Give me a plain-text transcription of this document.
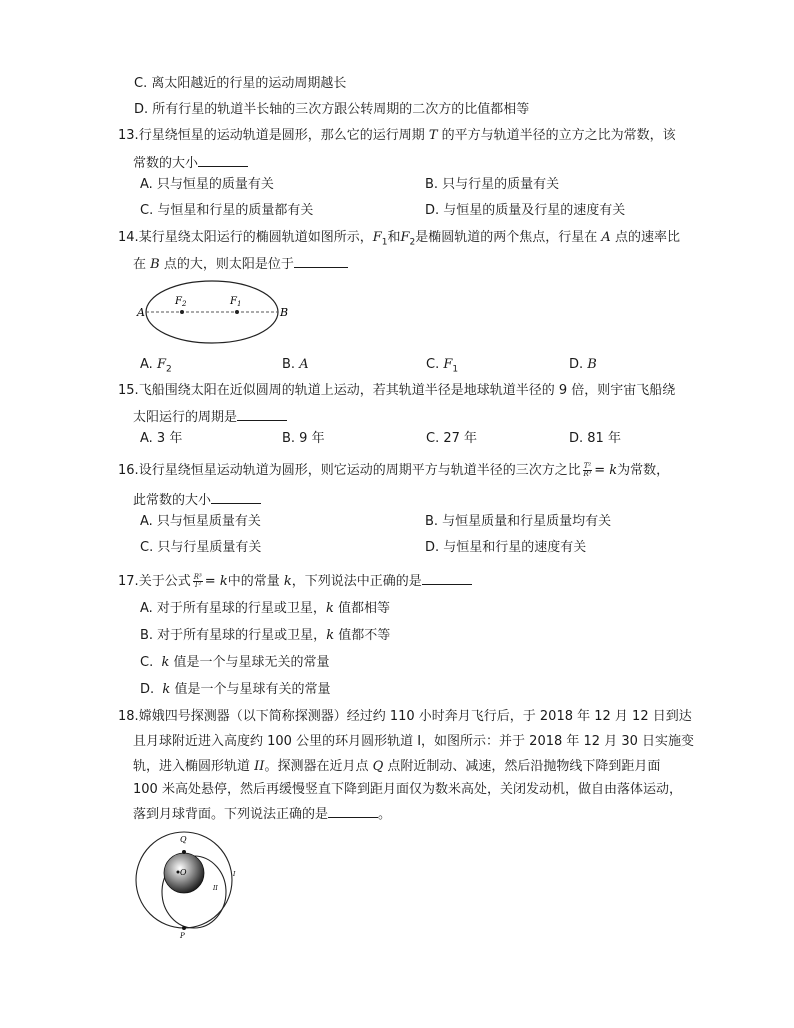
C. 离太阳越近的行星的运动周期越长
D. 所有行星的轨道半长轴的三次方跟公转周期的二次方的比值都相等
13.行星绕恒星的运动轨道是圆形，那么它的运行周期 T 的平方与轨道半径的立方之比为常数，该
常数的大小
A. 只与恒星的质量有关	B. 只与行星的质量有关
C. 与恒星和行星的质量都有关	D. 与恒星的质量及行星的速度有关
14.某行星绕太阳运行的椭圆轨道如图所示，$F_1$和$F_2$是椭圆轨道的两个焦点，行星在 A 点的速率比
在 B 点的大，则太阳是位于
A	B
$F_2$	$F_1$
A. $F_2$	B. A	C. $F_1$	D. B
15.飞船围绕太阳在近似圆周的轨道上运动，若其轨道半径是地球轨道半径的 9 倍，则宇宙飞船绕
太阳运行的周期是
A. 3 年	B. 9 年	C. 27 年	D. 81 年
16.设行星绕恒星运动轨道为圆形，则它运动的周期平方与轨道半径的三次方之比 $\frac{\text{T²}}{\text{R³}} = k$为常数，
此常数的大小
A. 只与恒星质量有关	B. 与恒星质量和行星质量均有关
C. 只与行星质量有关	D. 与恒星和行星的速度有关
17.关于公式 $\frac{\text{R³}}{\text{T²}} = k$中的常量 k，下列说法中正确的是
A. 对于所有星球的行星或卫星，k 值都相等
B. 对于所有星球的行星或卫星，k 值都不等
C. k 值是一个与星球无关的常量
D. k 值是一个与星球有关的常量
18.嫦娥四号探测器（以下简称探测器）经过约 110 小时奔月飞行后，于 2018 年 12 月 12 日到达
且月球附近进入高度约 100 公里的环月圆形轨道 I，如图所示：并于 2018 年 12 月 30 日实施变
轨，进入椭圆形轨道 II。探测器在近月点 Q 点附近制动、减速，然后沿抛物线下降到距月面
100 米高处悬停，然后再缓慢竖直下降到距月面仅为数米高处，关闭发动机，做自由落体运动，
落到月球背面。下列说法正确的是	。
Q
O
P
I
II
